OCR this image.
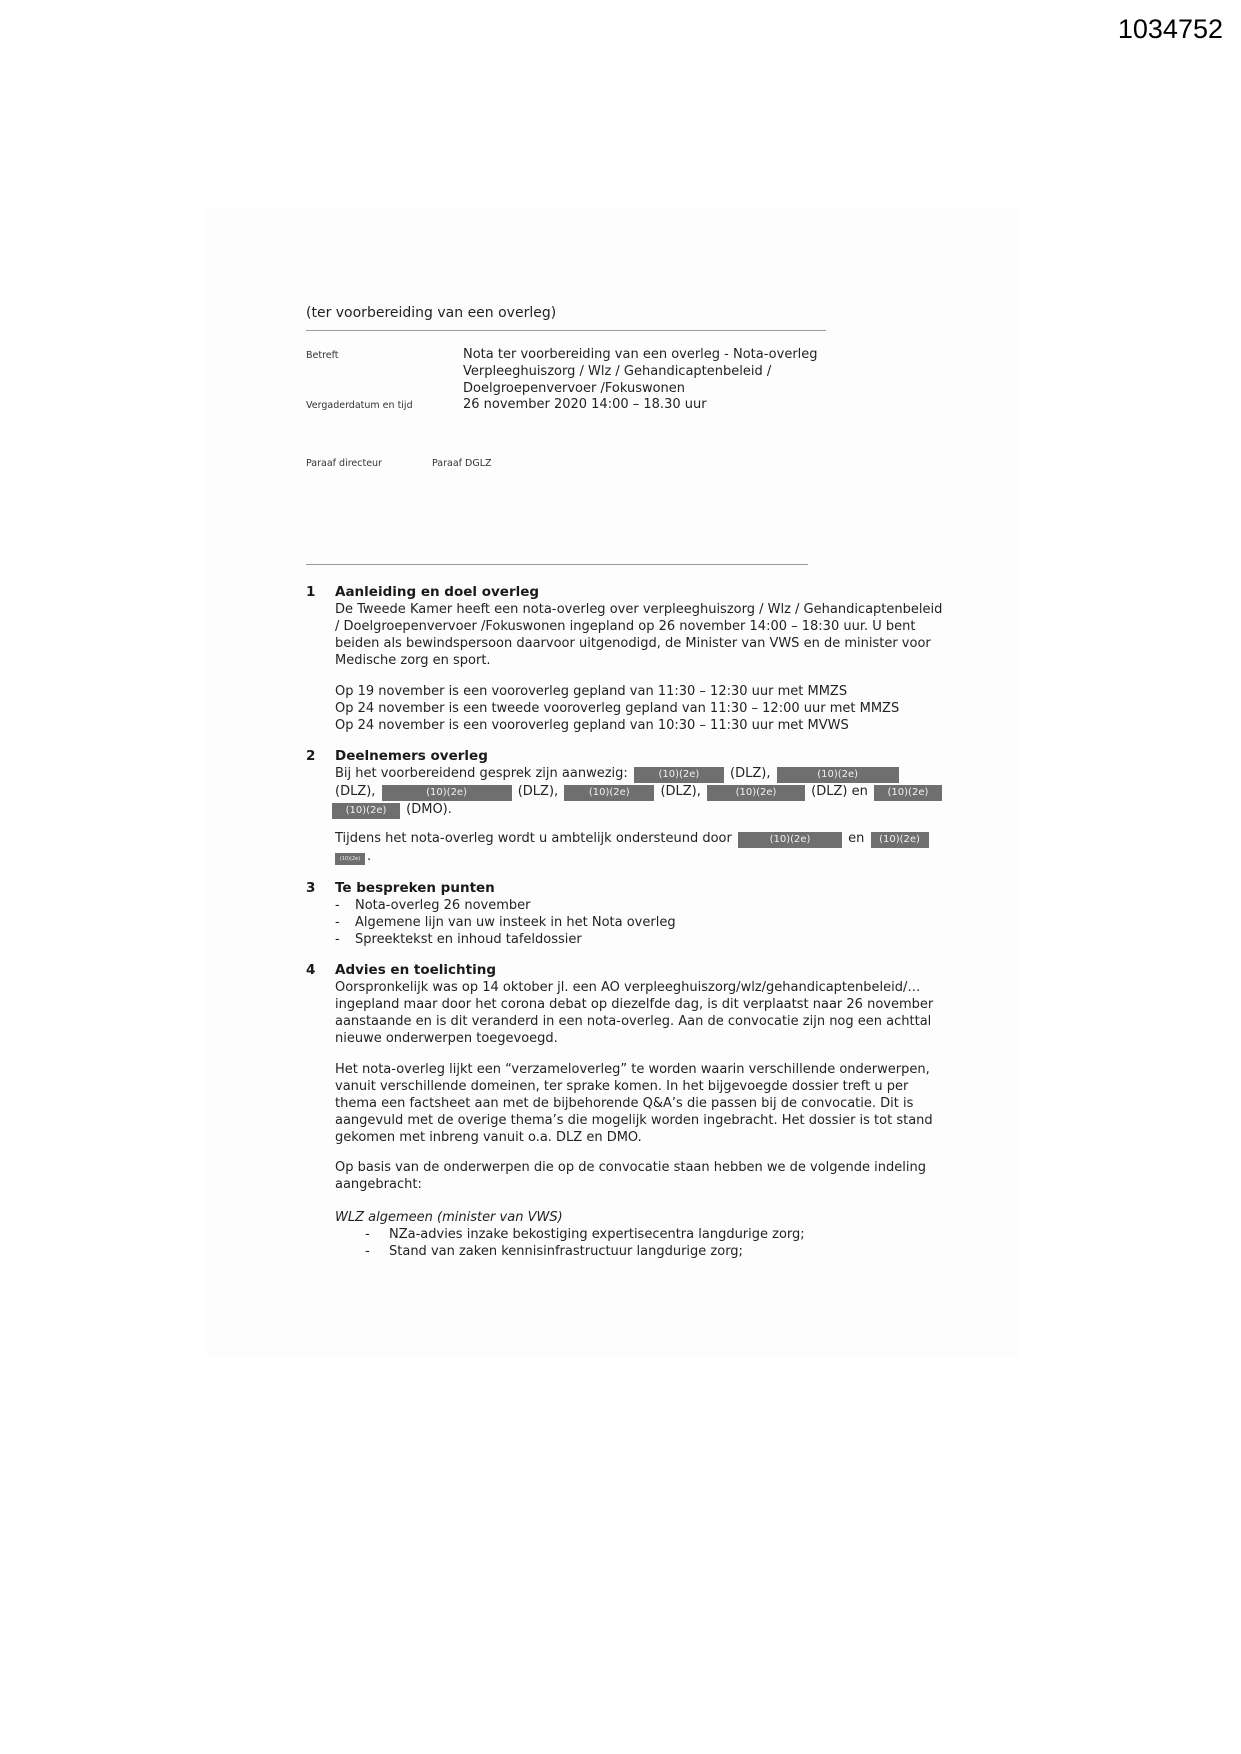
1034752
(ter voorbereiding van een overleg)
Betreft	Nota ter voorbereiding van een overleg - Nota-overleg
Verpleeghuiszorg / Wlz / Gehandicaptenbeleid /
Doelgroepenvervoer /Fokuswonen
Vergaderdatum en tijd	26 november 2020 14:00 – 18.30 uur
Paraaf directeur	Paraaf DGLZ
1 Aanleiding en doel overleg

De Tweede Kamer heeft een nota-overleg over verpleeghuiszorg / Wlz / Gehandicaptenbeleid

/ Doelgroepenvervoer /Fokuswonen ingepland op 26 november 14:00 – 18:30 uur. U bent

beiden als bewindspersoon daarvoor uitgenodigd, de Minister van VWS en de minister voor

Medische zorg en sport.

Op 19 november is een vooroverleg gepland van 11:30 – 12:30 uur met MMZS

Op 24 november is een tweede vooroverleg gepland van 11:30 – 12:00 uur met MMZS

Op 24 november is een vooroverleg gepland van 10:30 – 11:30 uur met MVWS

2 Deelnemers overleg

Bij het voorbereidend gesprek zijn aanwezig:	(10)(2e) (DLZ),	(10)(2e)

(DLZ),	(10)(2e)	(DLZ),	(10)(2e) (DLZ),	(10)(2e)	(DLZ) en (10)(2e)

(10)(2e) (DMO).

Tijdens het nota-overleg wordt u ambtelijk ondersteund door	(10)(2e)	en (10)(2e)

(10)(2e) .

3 Te bespreken punten
- Nota-overleg 26 november
- Algemene lijn van uw insteek in het Nota overleg
- Spreektekst en inhoud tafeldossier
4 Advies en toelichting

Oorspronkelijk was op 14 oktober jl. een AO verpleeghuiszorg/wlz/gehandicaptenbeleid/…

ingepland maar door het corona debat op diezelfde dag, is dit verplaatst naar 26 november

aanstaande en is dit veranderd in een nota-overleg. Aan de convocatie zijn nog een achttal

nieuwe onderwerpen toegevoegd.

Het nota-overleg lijkt een “verzameloverleg” te worden waarin verschillende onderwerpen,

vanuit verschillende domeinen, ter sprake komen. In het bijgevoegde dossier treft u per

thema een factsheet aan met de bijbehorende Q&A’s die passen bij de convocatie. Dit is

aangevuld met de overige thema’s die mogelijk worden ingebracht. Het dossier is tot stand

gekomen met inbreng vanuit o.a. DLZ en DMO.

Op basis van de onderwerpen die op de convocatie staan hebben we de volgende indeling

aangebracht:

WLZ algemeen (minister van VWS)

- NZa-advies inzake bekostiging expertisecentra langdurige zorg;
- Stand van zaken kennisinfrastructuur langdurige zorg;
